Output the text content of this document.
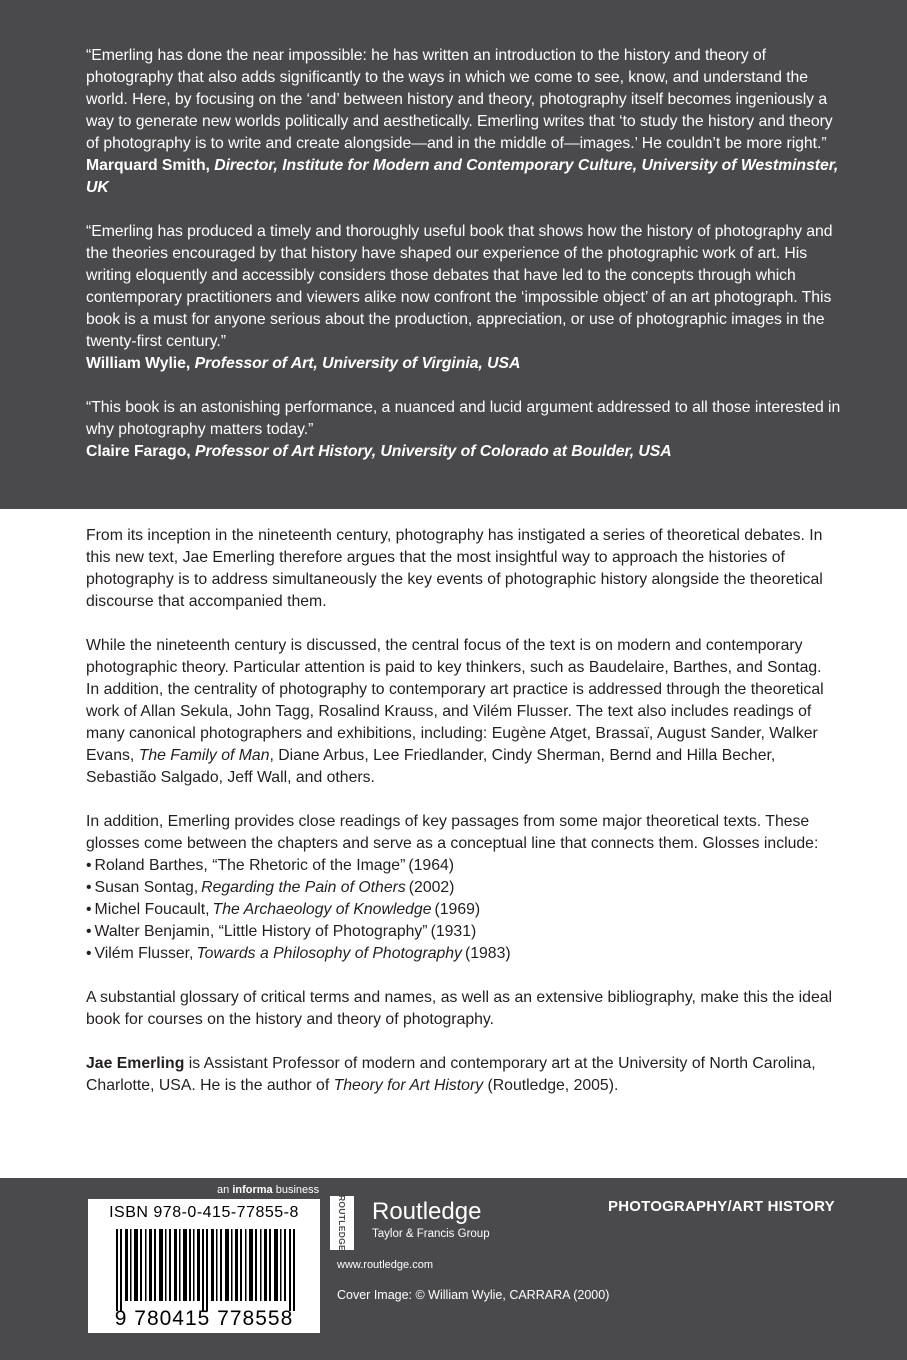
“Emerling has done the near impossible: he has written an introduction to the history and theory of photography that also adds significantly to the ways in which we come to see, know, and understand the world. Here, by focusing on the ‘and’ between history and theory, photography itself becomes ingeniously a way to generate new worlds politically and aesthetically. Emerling writes that ‘to study the history and theory of photography is to write and create alongside—and in the middle of—images.’ He couldn’t be more right.”
Marquard Smith, Director, Institute for Modern and Contemporary Culture, University of Westminster, UK

“Emerling has produced a timely and thoroughly useful book that shows how the history of photography and the theories encouraged by that history have shaped our experience of the photographic work of art. His writing eloquently and accessibly considers those debates that have led to the concepts through which contemporary practitioners and viewers alike now confront the ‘impossible object’ of an art photograph. This book is a must for anyone serious about the production, appreciation, or use of photographic images in the twenty-first century.”
William Wylie, Professor of Art, University of Virginia, USA

“This book is an astonishing performance, a nuanced and lucid argument addressed to all those interested in why photography matters today.”
Claire Farago, Professor of Art History, University of Colorado at Boulder, USA

From its inception in the nineteenth century, photography has instigated a series of theoretical debates. In this new text, Jae Emerling therefore argues that the most insightful way to approach the histories of photography is to address simultaneously the key events of photographic history alongside the theoretical discourse that accompanied them.

While the nineteenth century is discussed, the central focus of the text is on modern and contemporary photographic theory. Particular attention is paid to key thinkers, such as Baudelaire, Barthes, and Sontag. In addition, the centrality of photography to contemporary art practice is addressed through the theoretical work of Allan Sekula, John Tagg, Rosalind Krauss, and Vilém Flusser. The text also includes readings of many canonical photographers and exhibitions, including: Eugène Atget, Brassaï, August Sander, Walker Evans, The Family of Man, Diane Arbus, Lee Friedlander, Cindy Sherman, Bernd and Hilla Becher, Sebastião Salgado, Jeff Wall, and others.

In addition, Emerling provides close readings of key passages from some major theoretical texts. These glosses come between the chapters and serve as a conceptual line that connects them. Glosses include:

• Roland Barthes, “The Rhetoric of the Image” (1964)
• Susan Sontag, Regarding the Pain of Others (2002)
• Michel Foucault, The Archaeology of Knowledge (1969)
• Walter Benjamin, “Little History of Photography” (1931)
• Vilém Flusser, Towards a Philosophy of Photography (1983)

A substantial glossary of critical terms and names, as well as an extensive bibliography, make this the ideal book for courses on the history and theory of photography.

Jae Emerling is Assistant Professor of modern and contemporary art at the University of North Carolina, Charlotte, USA. He is the author of Theory for Art History (Routledge, 2005).

an informa business
ISBN 978-0-415-77855-8
9 780415 778558
ROUTLEDGE Routledge
Taylor & Francis Group
www.routledge.com
Cover Image: © William Wylie, CARRARA (2000)
PHOTOGRAPHY/ART HISTORY
